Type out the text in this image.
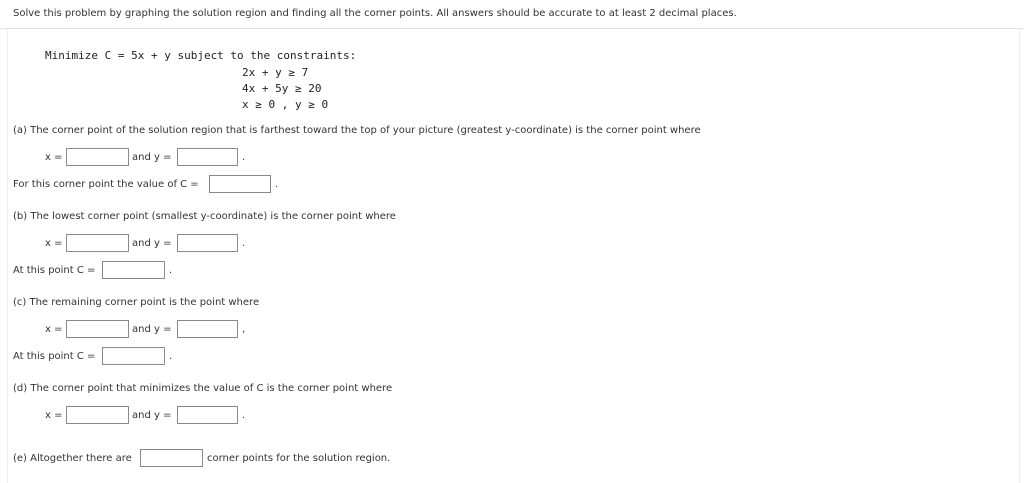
Solve this problem by graphing the solution region and finding all the corner points. All answers should be accurate to at least 2 decimal places.
Minimize C = 5x + y subject to the constraints:
2x + y ≥ 7
4x + 5y ≥ 20
x ≥ 0 , y ≥ 0
(a) The corner point of the solution region that is farthest toward the top of your picture (greatest y-coordinate) is the corner point where
x =	and y =	.
For this corner point the value of C =	.
(b) The lowest corner point (smallest y-coordinate) is the corner point where
x =	and y =	.
At this point C =	.
(c) The remaining corner point is the point where
x =	and y =	,
At this point C =	.
(d) The corner point that minimizes the value of C is the corner point where
x =	and y =	.
(e) Altogether there are	corner points for the solution region.
